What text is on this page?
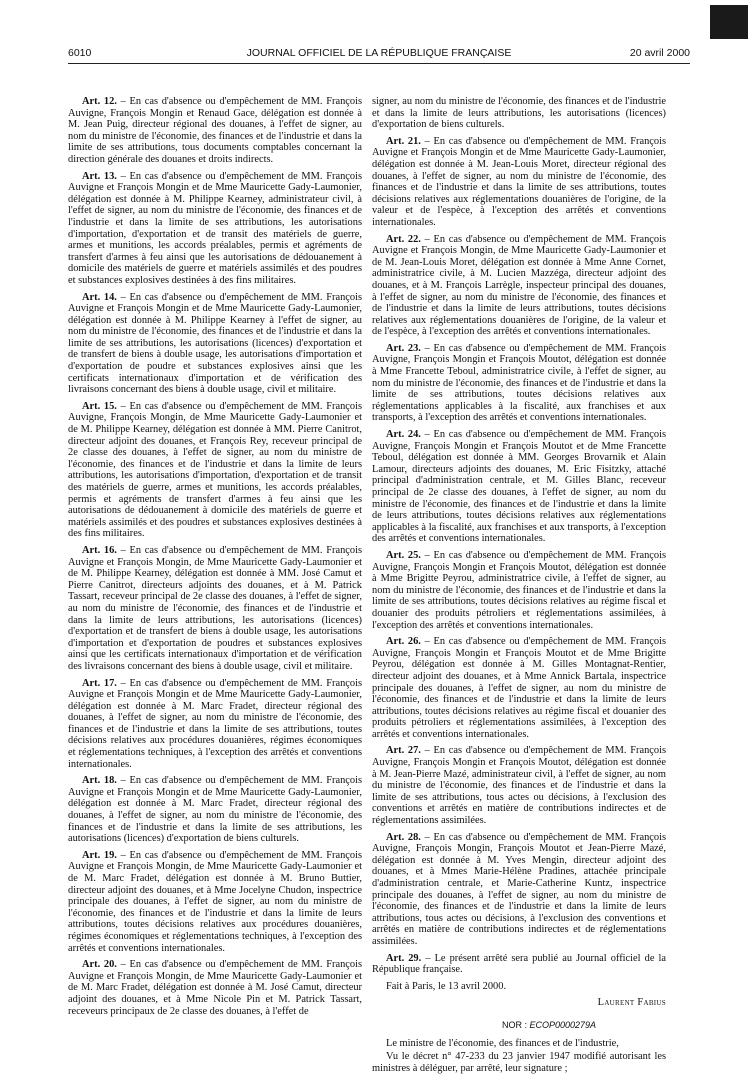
6010	JOURNAL OFFICIEL DE LA RÉPUBLIQUE FRANÇAISE	20 avril 2000

Art. 12. – En cas d'absence ou d'empêchement de MM. François Auvigne, François Mongin et Renaud Gace, délégation est donnée à M. Jean Puig, directeur régional des douanes, à l'effet de signer, au nom du ministre de l'économie, des finances et de l'industrie et dans la limite de ses attributions, tous documents comptables concernant la direction générale des douanes et droits indirects.

Art. 13. – En cas d'absence ou d'empêchement de MM. François Auvigne et François Mongin et de Mme Mauricette Gady-Laumonier, délégation est donnée à M. Philippe Kearney, administrateur civil, à l'effet de signer, au nom du ministre de l'économie, des finances et de l'industrie et dans la limite de ses attributions, les autorisations d'importation, d'exportation et de transit des matériels de guerre, armes et munitions, les accords préalables, permis et agréments de transfert d'armes à feu ainsi que les autorisations de dédouanement à domicile des matériels de guerre et matériels assimilés et des poudres et substances explosives destinées à des fins militaires.

Art. 14. – En cas d'absence ou d'empêchement de MM. François Auvigne et François Mongin et de Mme Mauricette Gady-Laumonier, délégation est donnée à M. Philippe Kearney à l'effet de signer, au nom du ministre de l'économie, des finances et de l'industrie et dans la limite de ses attributions, les autorisations (licences) d'exportation et de transfert de biens à double usage, les autorisations d'importation et d'exportation de poudre et substances explosives ainsi que les certificats internationaux d'importation et de vérification des livraisons concernant des biens à double usage, civil et militaire.

Art. 15. – En cas d'absence ou d'empêchement de MM. François Auvigne, François Mongin, de Mme Mauricette Gady-Laumonier et de M. Philippe Kearney, délégation est donnée à MM. Pierre Canitrot, directeur adjoint des douanes, et François Rey, receveur principal de 2e classe des douanes, à l'effet de signer, au nom du ministre de l'économie, des finances et de l'industrie et dans la limite de leurs attributions, les autorisations d'importation, d'exportation et de transit des matériels de guerre, armes et munitions, les accords préalables, permis et agréments de transfert d'armes à feu ainsi que les autorisations de dédouanement à domicile des matériels de guerre et matériels assimilés et des poudres et substances explosives destinées à des fins militaires.

Art. 16. – En cas d'absence ou d'empêchement de MM. François Auvigne et François Mongin, de Mme Mauricette Gady-Laumonier et de M. Philippe Kearney, délégation est donnée à MM. José Camut et Pierre Canitrot, directeurs adjoints des douanes, et à M. Patrick Tassart, receveur principal de 2e classe des douanes, à l'effet de signer, au nom du ministre de l'économie, des finances et de l'industrie et dans la limite de leurs attributions, les autorisations (licences) d'exportation et de transfert de biens à double usage, les autorisations d'importation et d'exportation de poudres et substances explosives ainsi que les certificats internationaux d'importation et de vérification des livraisons concernant des biens à double usage, civil et militaire.

Art. 17. – En cas d'absence ou d'empêchement de MM. François Auvigne et François Mongin et de Mme Mauricette Gady-Laumonier, délégation est donnée à M. Marc Fradet, directeur régional des douanes, à l'effet de signer, au nom du ministre de l'économie, des finances et de l'industrie et dans la limite de ses attributions, toutes décisions relatives aux procédures douanières, régimes économiques et réglementations techniques, à l'exception des arrêtés et conventions internationales.

Art. 18. – En cas d'absence ou d'empêchement de MM. François Auvigne et François Mongin et de Mme Mauricette Gady-Laumonier, délégation est donnée à M. Marc Fradet, directeur régional des douanes, à l'effet de signer, au nom du ministre de l'économie, des finances et de l'industrie et dans la limite de ses attributions, les autorisations (licences) d'exportation de biens culturels.

Art. 19. – En cas d'absence ou d'empêchement de MM. François Auvigne et François Mongin, de Mme Mauricette Gady-Laumonier et de M. Marc Fradet, délégation est donnée à M. Bruno Buttier, directeur adjoint des douanes, et à Mme Jocelyne Chudon, inspectrice principale des douanes, à l'effet de signer, au nom du ministre de l'économie, des finances et de l'industrie et dans la limite de leurs attributions, toutes décisions relatives aux procédures douanières, régimes économiques et réglementations techniques, à l'exception des arrêtés et conventions internationales.

Art. 20. – En cas d'absence ou d'empêchement de MM. François Auvigne et François Mongin, de Mme Mauricette Gady-Laumonier et de M. Marc Fradet, délégation est donnée à M. José Camut, directeur adjoint des douanes, et à Mme Nicole Pin et M. Patrick Tassart, receveurs principaux de 2e classe des douanes, à l'effet de

signer, au nom du ministre de l'économie, des finances et de l'industrie et dans la limite de leurs attributions, les autorisations (licences) d'exportation de biens culturels.

Art. 21. – En cas d'absence ou d'empêchement de MM. François Auvigne et François Mongin et de Mme Mauricette Gady-Laumonier, délégation est donnée à M. Jean-Louis Moret, directeur régional des douanes, à l'effet de signer, au nom du ministre de l'économie, des finances et de l'industrie et dans la limite de ses attributions, toutes décisions relatives aux réglementations douanières de l'origine, de la valeur et de l'espèce, à l'exception des arrêtés et conventions internationales.

Art. 22. – En cas d'absence ou d'empêchement de MM. François Auvigne et François Mongin, de Mme Mauricette Gady-Laumonier et de M. Jean-Louis Moret, délégation est donnée à Mme Anne Cornet, administratrice civile, à M. Lucien Mazzéga, directeur adjoint des douanes, et à M. François Larrègle, inspecteur principal des douanes, à l'effet de signer, au nom du ministre de l'économie, des finances et de l'industrie et dans la limite de leurs attributions, toutes décisions relatives aux réglementations douanières de l'origine, de la valeur et de l'espèce, à l'exception des arrêtés et conventions internationales.

Art. 23. – En cas d'absence ou d'empêchement de MM. François Auvigne, François Mongin et François Moutot, délégation est donnée à Mme Francette Teboul, administratrice civile, à l'effet de signer, au nom du ministre de l'économie, des finances et de l'industrie et dans la limite de ses attributions, toutes décisions relatives aux réglementations applicables à la fiscalité, aux franchises et aux transports, à l'exception des arrêtés et conventions internationales.

Art. 24. – En cas d'absence ou d'empêchement de MM. François Auvigne, François Mongin et François Moutot et de Mme Francette Teboul, délégation est donnée à MM. Georges Brovarnik et Alain Lamour, directeurs adjoints des douanes, M. Eric Fisitzky, attaché principal d'administration centrale, et M. Gilles Blanc, receveur principal de 2e classe des douanes, à l'effet de signer, au nom du ministre de l'économie, des finances et de l'industrie et dans la limite de leurs attributions, toutes décisions relatives aux réglementations applicables à la fiscalité, aux franchises et aux transports, à l'exception des arrêtés et conventions internationales.

Art. 25. – En cas d'absence ou d'empêchement de MM. François Auvigne, François Mongin et François Moutot, délégation est donnée à Mme Brigitte Peyrou, administratrice civile, à l'effet de signer, au nom du ministre de l'économie, des finances et de l'industrie et dans la limite de ses attributions, toutes décisions relatives au régime fiscal et douanier des produits pétroliers et réglementations assimilées, à l'exception des arrêtés et conventions internationales.

Art. 26. – En cas d'absence ou d'empêchement de MM. François Auvigne, François Mongin et François Moutot et de Mme Brigitte Peyrou, délégation est donnée à M. Gilles Montagnat-Rentier, directeur adjoint des douanes, et à Mme Annick Bartala, inspectrice principale des douanes, à l'effet de signer, au nom du ministre de l'économie, des finances et de l'industrie et dans la limite de leurs attributions, toutes décisions relatives au régime fiscal et douanier des produits pétroliers et réglementations assimilées, à l'exception des arrêtés et conventions internationales.

Art. 27. – En cas d'absence ou d'empêchement de MM. François Auvigne, François Mongin et François Moutot, délégation est donnée à M. Jean-Pierre Mazé, administrateur civil, à l'effet de signer, au nom du ministre de l'économie, des finances et de l'industrie et dans la limite de ses attributions, tous actes ou décisions, à l'exclusion des conventions et arrêtés en matière de contributions indirectes et de réglementations assimilées.

Art. 28. – En cas d'absence ou d'empêchement de MM. François Auvigne, François Mongin, François Moutot et Jean-Pierre Mazé, délégation est donnée à M. Yves Mengin, directeur adjoint des douanes, et à Mmes Marie-Hélène Pradines, attachée principale d'administration centrale, et Marie-Catherine Kuntz, inspectrice principale des douanes, à l'effet de signer, au nom du ministre de l'économie, des finances et de l'industrie et dans la limite de leurs attributions, tous actes ou décisions, à l'exclusion des conventions et arrêtés en matière de contributions indirectes et de réglementations assimilées.

Art. 29. – Le présent arrêté sera publié au Journal officiel de la République française.

Fait à Paris, le 13 avril 2000.

Laurent Fabius
NOR : ECOP0000279A

Le ministre de l'économie, des finances et de l'industrie,

Vu le décret n° 47-233 du 23 janvier 1947 modifié autorisant les ministres à déléguer, par arrêté, leur signature ;
